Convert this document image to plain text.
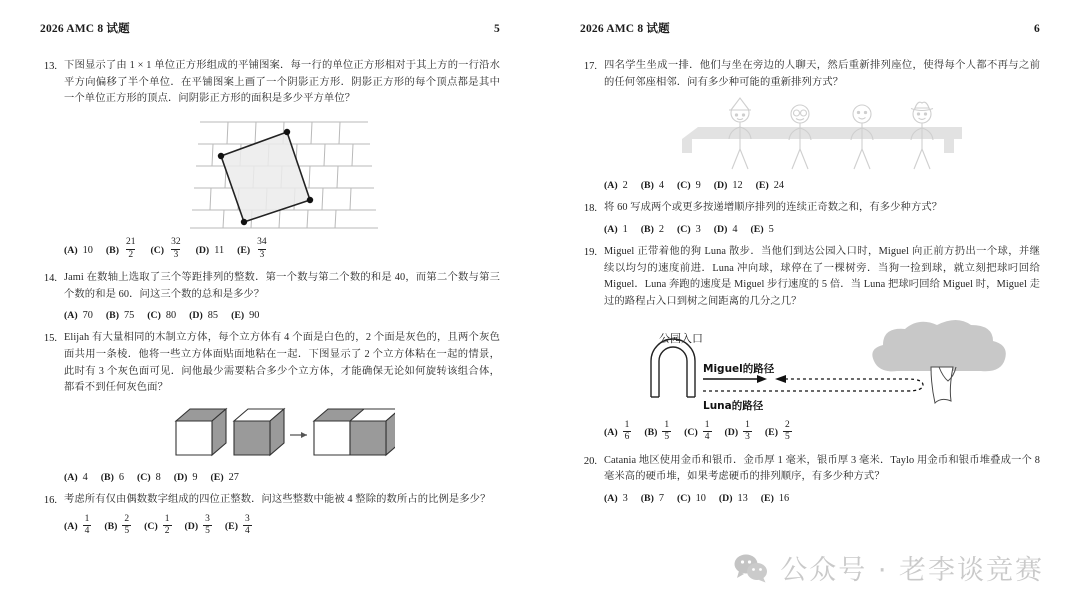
2026 AMC 8 试题	5
13. 下图显示了由 1 × 1 单位正方形组成的平铺图案．每一行的单位正方形相对于其上方的一行沿水平方向偏移了半个单位．在平铺图案上画了一个阴影正方形．阴影正方形的每个顶点都是其中一个单位正方形的顶点．问阴影正方形的面积是多少平方单位？
(A) 10 $(B) \frac{21}{2} (C) \frac{32}{3} (D)$ 11 $(E) \frac{34}{3}$
14. Jami 在数轴上选取了三个等距排列的整数．第一个数与第二个数的和是 40，而第二个数与第三个数的和是 60．问这三个数的总和是多少？
(A) 70 (B) 75 (C) 80 (D) 85 (E) 90
15. Elijah 有大量相同的木制立方体，每个立方体有 4 个面是白色的，2 个面是灰色的，且两个灰色面共用一条棱．他将一些立方体面贴面地粘在一起．下图显示了 2 个立方体粘在一起的情景，此时有 3 个灰色面可见．问他最少需要粘合多少个立方体，才能确保无论如何旋转该组合体，都看不到任何灰色面？
(A) 4 (B) 6 (C) 8 (D) 9 (E) 27
16. 考虑所有仅由偶数数字组成的四位正整数．问这些整数中能被 4 整除的数所占的比例是多少？
$(A) \frac{1}{4} (B) \frac{2}{5} (C) \frac{1}{2} (D) \frac{3}{5} (E) \frac{3}{4}$
2026 AMC 8 试题	6
17. 四名学生坐成一排．他们与坐在旁边的人聊天，然后重新排列座位，使得每个人都不再与之前的任何邻座相邻．问有多少种可能的重新排列方式？
(A) 2 (B) 4 (C) 9 (D) 12 (E) 24
18. 将 60 写成两个或更多按递增顺序排列的连续正奇数之和，有多少种方式？
(A) 1 (B) 2 (C) 3 (D) 4 (E) 5
19. Miguel 正带着他的狗 Luna 散步．当他们到达公园入口时，Miguel 向正前方扔出一个球，并继续以均匀的速度前进．Luna 冲向球，球停在了一棵树旁．当狗一捡到球，就立刻把球叼回给 Miguel．Luna 奔跑的速度是 Miguel 步行速度的 5 倍．当 Luna 把球叼回给 Miguel 时，Miguel 走过的路程占入口到树之间距离的几分之几？
公园入口
Miguel的路径
Luna的路径
$(A) \frac{1}{6} (B) \frac{1}{5} (C) \frac{1}{4} (D) \frac{1}{3} (E) \frac{2}{5}$
20. Catania 地区使用金币和银币．金币厚 1 毫米，银币厚 3 毫米．Taylo 用金币和银币堆叠成一个 8 毫米高的硬币堆，如果考虑硬币的排列顺序，有多少种方式？
(A) 3 (B) 7 (C) 10 (D) 13 (E) 16
公众号 · 老李谈竞赛
